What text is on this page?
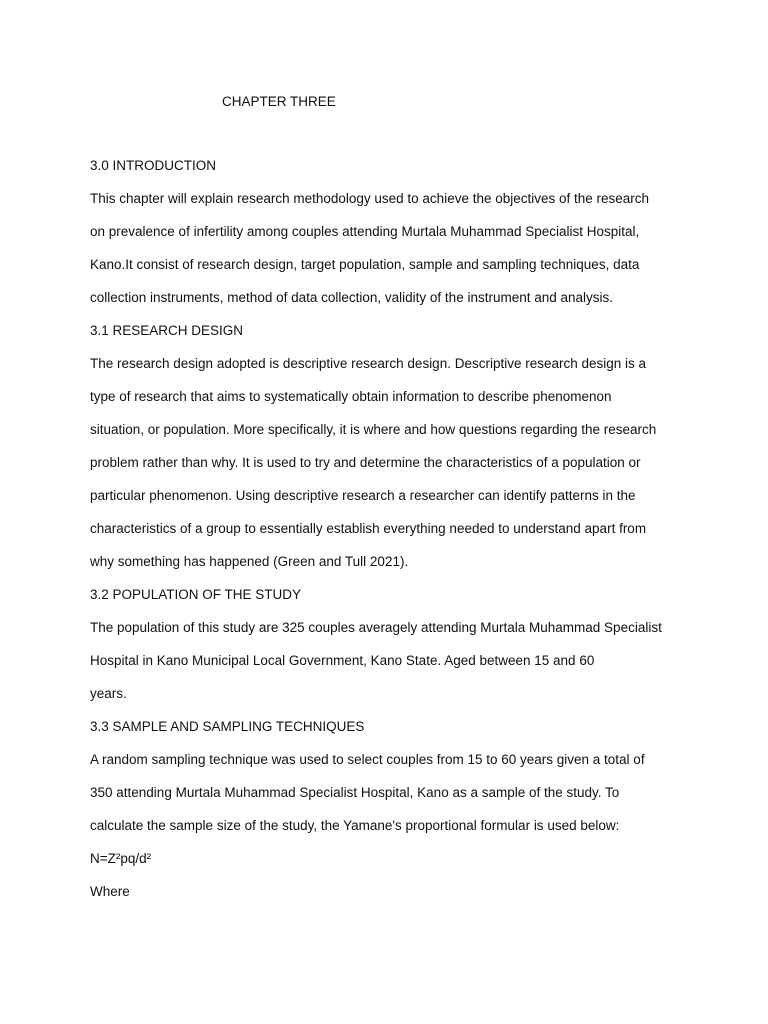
CHAPTER THREE
3.0 INTRODUCTION

This chapter will explain research methodology used to achieve the objectives of the research
on prevalence of infertility among couples attending Murtala Muhammad Specialist Hospital,
Kano.It consist of research design, target population, sample and sampling techniques, data
collection instruments, method of data collection, validity of the instrument and analysis.

3.1 RESEARCH DESIGN

The research design adopted is descriptive research design. Descriptive research design is a
type of research that aims to systematically obtain information to describe phenomenon
situation, or population. More specifically, it is where and how questions regarding the research
problem rather than why. It is used to try and determine the characteristics of a population or
particular phenomenon. Using descriptive research a researcher can identify patterns in the
characteristics of a group to essentially establish everything needed to understand apart from
why something has happened (Green and Tull 2021).

3.2 POPULATION OF THE STUDY

The population of this study are 325 couples averagely attending Murtala Muhammad Specialist
Hospital in Kano Municipal Local Government, Kano State. Aged between 15 and 60
years.

3.3 SAMPLE AND SAMPLING TECHNIQUES

A random sampling technique was used to select couples from 15 to 60 years given a total of
350 attending Murtala Muhammad Specialist Hospital, Kano as a sample of the study. To
calculate the sample size of the study, the Yamane's proportional formular is used below:
N=Z²pq/d²
Where
